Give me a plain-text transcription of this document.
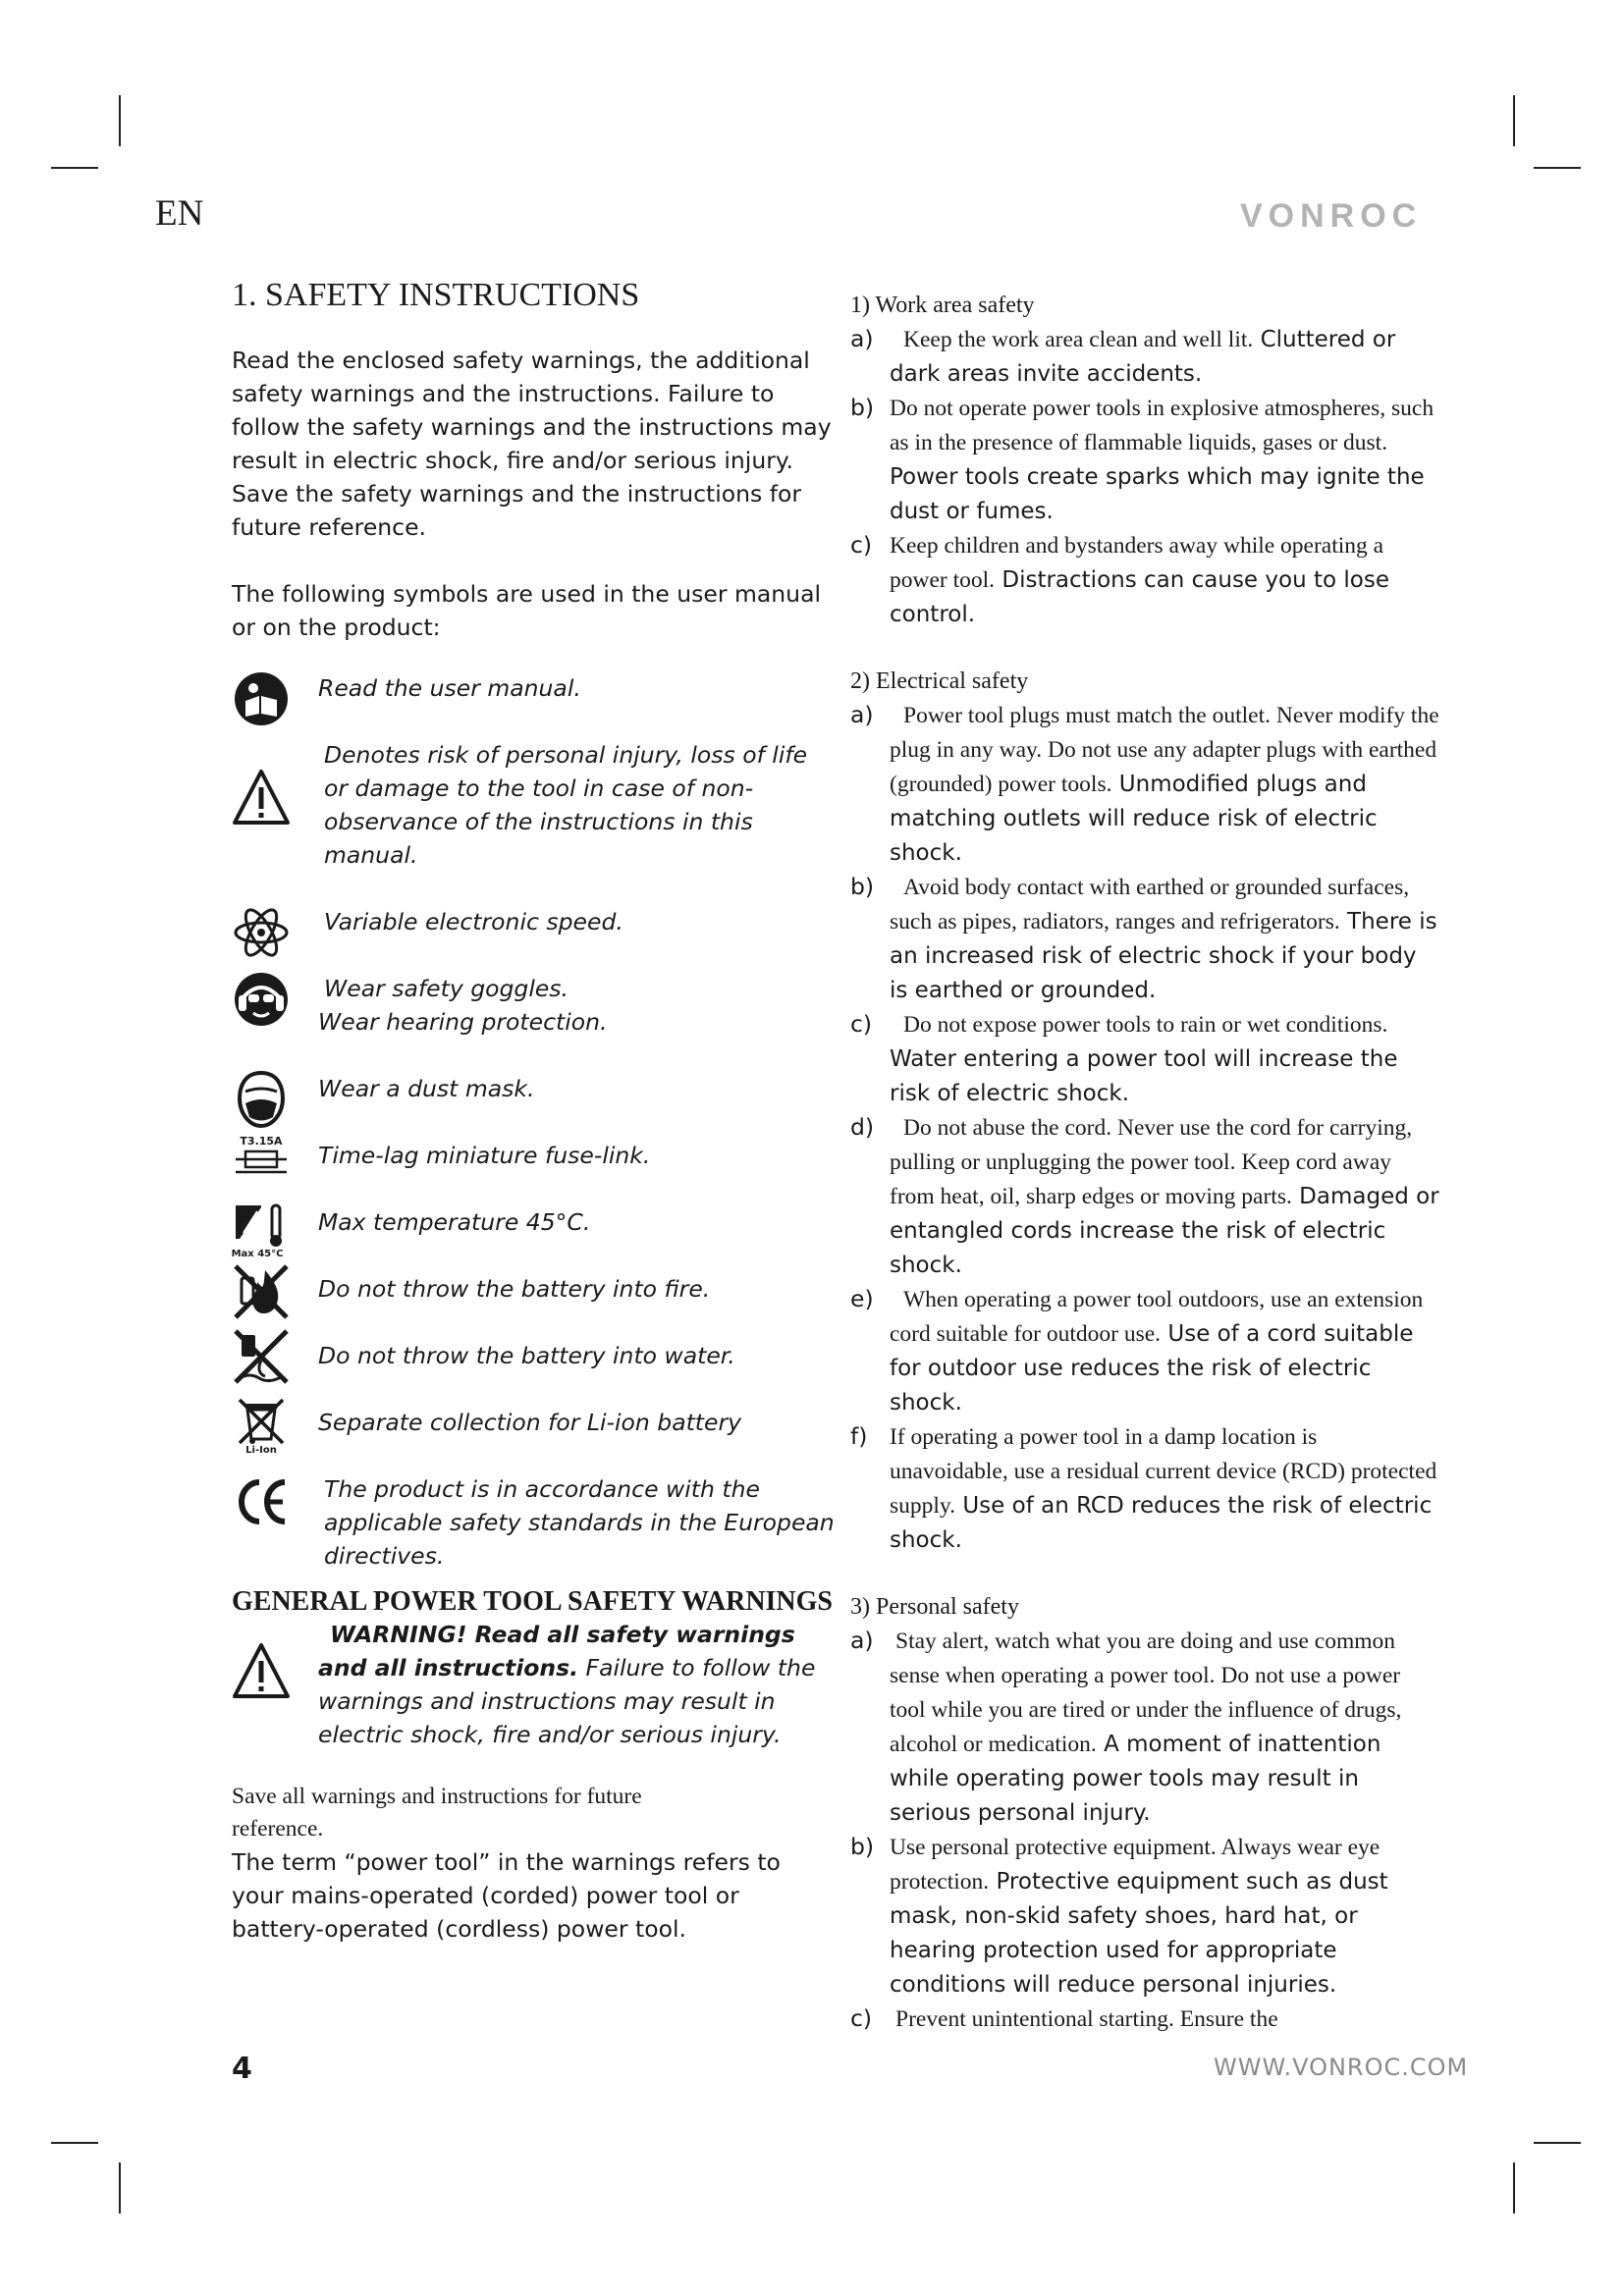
EN	VONROC
1. SAFETY INSTRUCTIONS

Read the enclosed safety warnings, the additional safety warnings and the instructions. Failure to follow the safety warnings and the instructions may result in electric shock, fire and/or serious injury. Save the safety warnings and the instructions for future reference.

The following symbols are used in the user manual or on the product:

Read the user manual.
Denotes risk of personal injury, loss of life or damage to the tool in case of non-observance of the instructions in this manual.
Variable electronic speed.
Wear safety goggles.
Wear hearing protection.
Wear a dust mask.
T3.15A
Time-lag miniature fuse-link.
Max 45°C
Max temperature 45°C.
Do not throw the battery into fire.
Do not throw the battery into water.
Li-Ion
Separate collection for Li-ion battery
The product is in accordance with the applicable safety standards in the European directives.
GENERAL POWER TOOL SAFETY WARNINGS
WARNING! Read all safety warnings and all instructions. Failure to follow the warnings and instructions may result in electric shock, fire and/or serious injury.
Save all warnings and instructions for future reference.

The term “power tool” in the warnings refers to your mains-operated (corded) power tool or battery-operated (cordless) power tool.

1) Work area safety
a)	Keep the work area clean and well lit. Cluttered or dark areas invite accidents.
b) Do not operate power tools in explosive atmospheres, such as in the presence of flammable liquids, gases or dust. Power tools create sparks which may ignite the dust or fumes.
c) Keep children and bystanders away while operating a power tool. Distractions can cause you to lose control.
2) Electrical safety
a)	Power tool plugs must match the outlet. Never modify the plug in any way. Do not use any adapter plugs with earthed (grounded) power tools. Unmodified plugs and matching outlets will reduce risk of electric shock.
b)	Avoid body contact with earthed or grounded surfaces, such as pipes, radiators, ranges and refrigerators. There is an increased risk of electric shock if your body is earthed or grounded.
c)	Do not expose power tools to rain or wet conditions. Water entering a power tool will increase the risk of electric shock.
d)	Do not abuse the cord. Never use the cord for carrying, pulling or unplugging the power tool. Keep cord away from heat, oil, sharp edges or moving parts. Damaged or entangled cords increase the risk of electric shock.
e)	When operating a power tool outdoors, use an extension cord suitable for outdoor use. Use of a cord suitable for outdoor use reduces the risk of electric shock.
f) If operating a power tool in a damp location is unavoidable, use a residual current device (RCD) protected supply. Use of an RCD reduces the risk of electric shock.
3) Personal safety
a) Stay alert, watch what you are doing and use common sense when operating a power tool. Do not use a power tool while you are tired or under the influence of drugs, alcohol or medication. A moment of inattention while operating power tools may result in serious personal injury.
b) Use personal protective equipment. Always wear eye protection. Protective equipment such as dust mask, non-skid safety shoes, hard hat, or hearing protection used for appropriate conditions will reduce personal injuries.
c) Prevent unintentional starting. Ensure the
4	WWW.VONROC.COM
